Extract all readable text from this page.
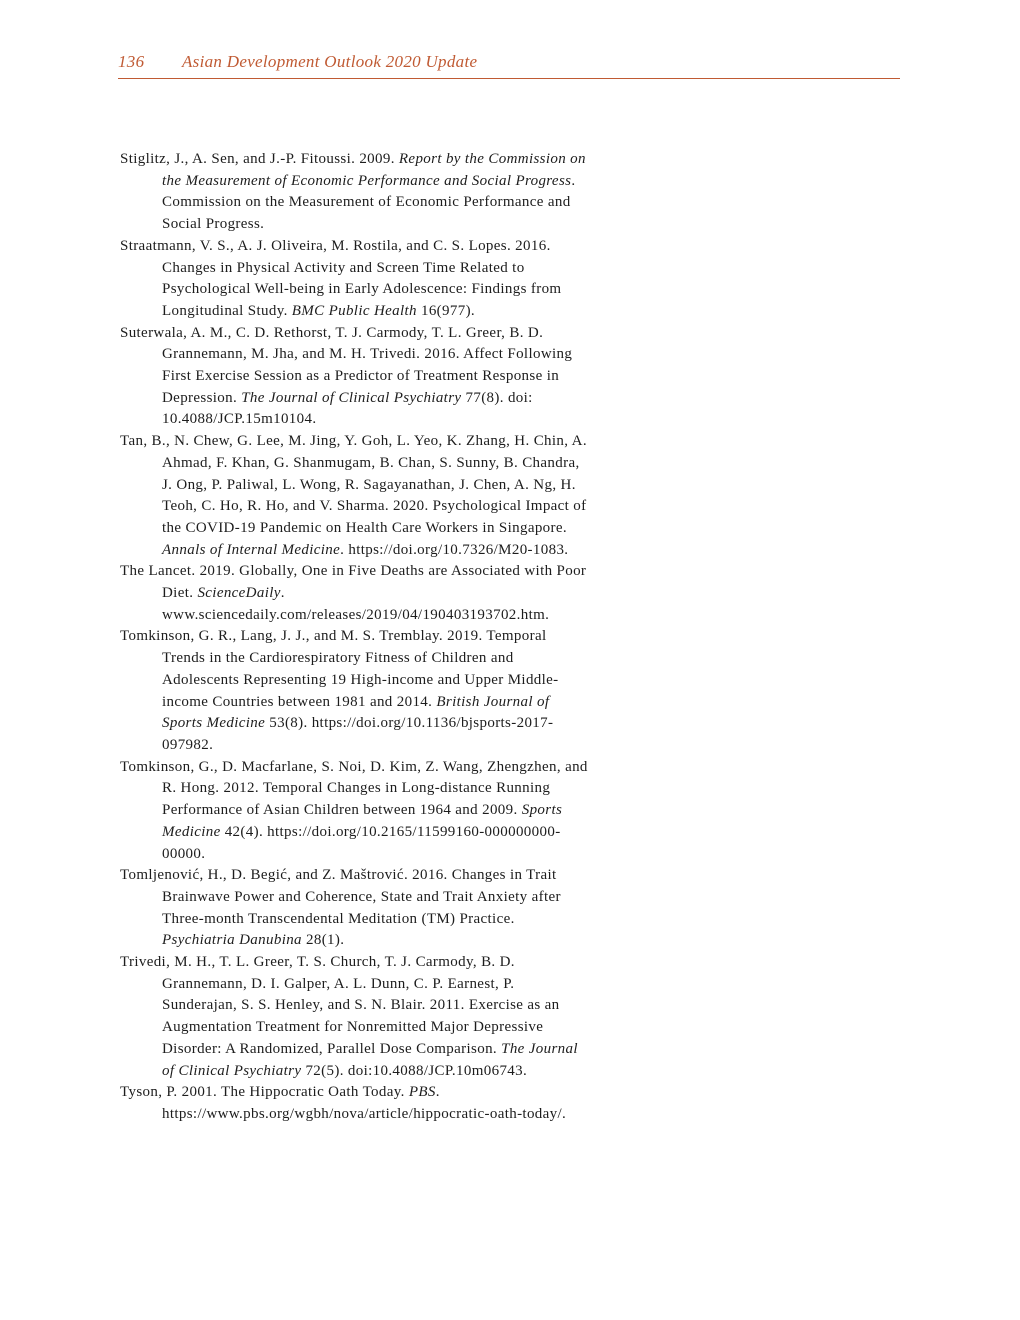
136	Asian Development Outlook 2020 Update

Stiglitz, J., A. Sen, and J.-P. Fitoussi. 2009. Report by the Commission on the Measurement of Economic Performance and Social Progress. Commission on the Measurement of Economic Performance and Social Progress.

Straatmann, V. S., A. J. Oliveira, M. Rostila, and C. S. Lopes. 2016. Changes in Physical Activity and Screen Time Related to Psychological Well-being in Early Adolescence: Findings from Longitudinal Study. BMC Public Health 16(977).

Suterwala, A. M., C. D. Rethorst, T. J. Carmody, T. L. Greer, B. D. Grannemann, M. Jha, and M. H. Trivedi. 2016. Affect Following First Exercise Session as a Predictor of Treatment Response in Depression. The Journal of Clinical Psychiatry 77(8). doi: 10.4088/JCP.15m10104.

Tan, B., N. Chew, G. Lee, M. Jing, Y. Goh, L. Yeo, K. Zhang, H. Chin, A. Ahmad, F. Khan, G. Shanmugam, B. Chan, S. Sunny, B. Chandra, J. Ong, P. Paliwal, L. Wong, R. Sagayanathan, J. Chen, A. Ng, H. Teoh, C. Ho, R. Ho, and V. Sharma. 2020. Psychological Impact of the COVID-19 Pandemic on Health Care Workers in Singapore. Annals of Internal Medicine. https://doi.org/10.7326/M20-1083.

The Lancet. 2019. Globally, One in Five Deaths are Associated with Poor Diet. ScienceDaily. www.sciencedaily.com/releases/2019/04/190403193702.htm.

Tomkinson, G. R., Lang, J. J., and M. S. Tremblay. 2019. Temporal Trends in the Cardiorespiratory Fitness of Children and Adolescents Representing 19 High-income and Upper Middle-income Countries between 1981 and 2014. British Journal of Sports Medicine 53(8). https://doi.org/10.1136/bjsports-2017-097982.

Tomkinson, G., D. Macfarlane, S. Noi, D. Kim, Z. Wang, Zhengzhen, and R. Hong. 2012. Temporal Changes in Long-distance Running Performance of Asian Children between 1964 and 2009. Sports Medicine 42(4). https://doi.org/10.2165/11599160-000000000-00000.

Tomljenović, H., D. Begić, and Z. Maštrović. 2016. Changes in Trait Brainwave Power and Coherence, State and Trait Anxiety after Three-month Transcendental Meditation (TM) Practice. Psychiatria Danubina 28(1).

Trivedi, M. H., T. L. Greer, T. S. Church, T. J. Carmody, B. D. Grannemann, D. I. Galper, A. L. Dunn, C. P. Earnest, P. Sunderajan, S. S. Henley, and S. N. Blair. 2011. Exercise as an Augmentation Treatment for Nonremitted Major Depressive Disorder: A Randomized, Parallel Dose Comparison. The Journal of Clinical Psychiatry 72(5). doi:10.4088/JCP.10m06743.

Tyson, P. 2001. The Hippocratic Oath Today. PBS. https://www.pbs.org/wgbh/nova/article/hippocratic-oath-today/.
